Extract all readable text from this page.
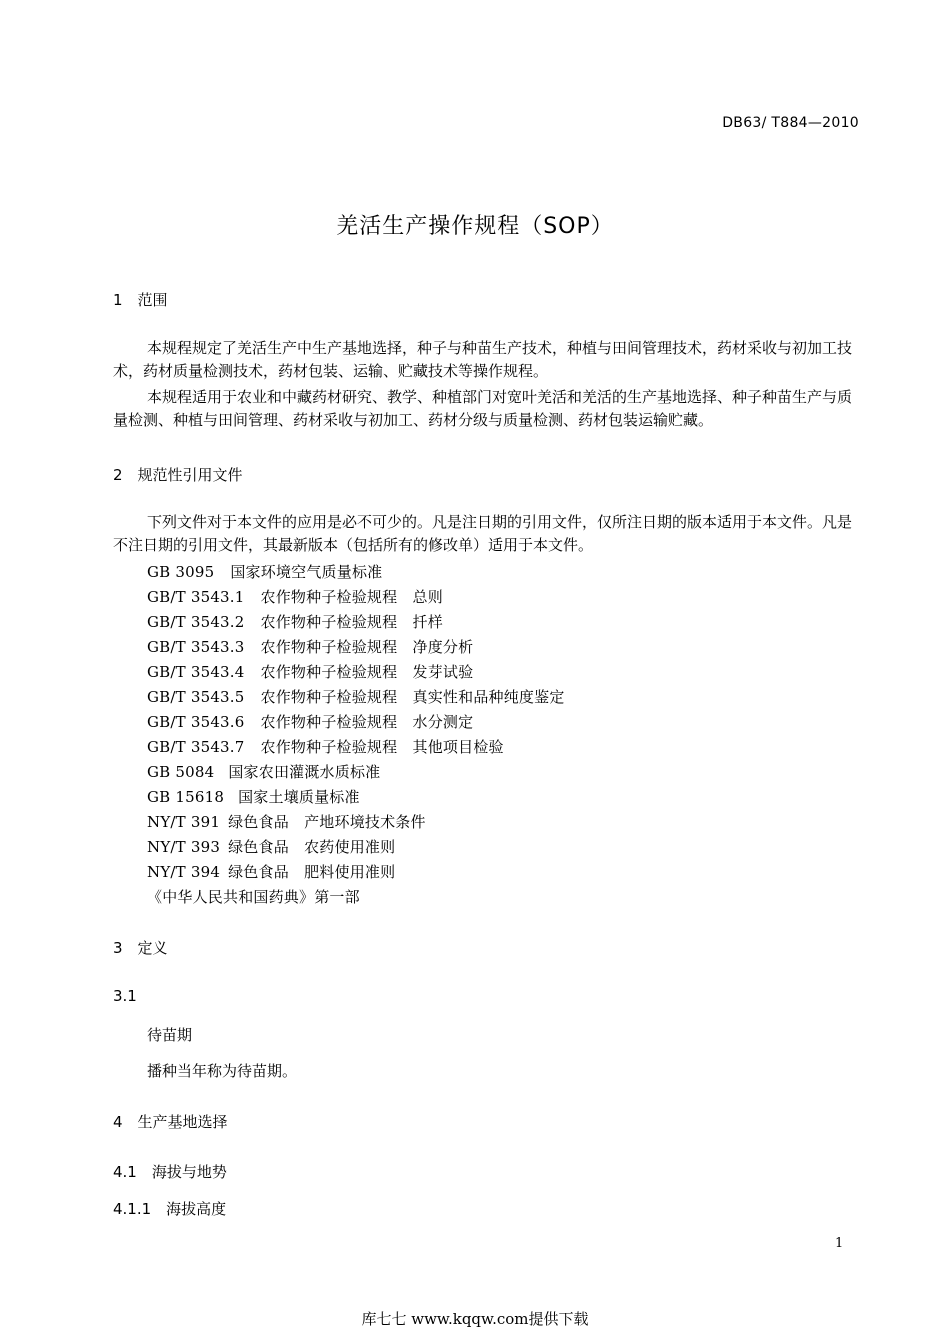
DB63/ T884—2010
羌活生产操作规程（SOP）
1　范围
本规程规定了羌活生产中生产基地选择，种子与种苗生产技术，种植与田间管理技术，药材采收与初加工技术，药材质量检测技术，药材包装、运输、贮藏技术等操作规程。
本规程适用于农业和中藏药材研究、教学、种植部门对宽叶羌活和羌活的生产基地选择、种子种苗生产与质量检测、种植与田间管理、药材采收与初加工、药材分级与质量检测、药材包装运输贮藏。
2　规范性引用文件
下列文件对于本文件的应用是必不可少的。凡是注日期的引用文件，仅所注日期的版本适用于本文件。凡是不注日期的引用文件，其最新版本（包括所有的修改单）适用于本文件。
GB 3095 国家环境空气质量标准
GB/T 3543.1 农作物种子检验规程　总则
GB/T 3543.2 农作物种子检验规程　扦样
GB/T 3543.3 农作物种子检验规程　净度分析
GB/T 3543.4 农作物种子检验规程　发芽试验
GB/T 3543.5 农作物种子检验规程　真实性和品种纯度鉴定
GB/T 3543.6 农作物种子检验规程　水分测定
GB/T 3543.7 农作物种子检验规程　其他项目检验
GB 5084 国家农田灌溉水质标准
GB 15618 国家土壤质量标准
NY/T 391 绿色食品　产地环境技术条件
NY/T 393 绿色食品　农药使用准则
NY/T 394 绿色食品　肥料使用准则
《中华人民共和国药典》第一部
3　定义
3.1
待苗期
播种当年称为待苗期。
4　生产基地选择
4.1　海拔与地势
4.1.1　海拔高度
1
库七七 www.kqqw.com提供下载
